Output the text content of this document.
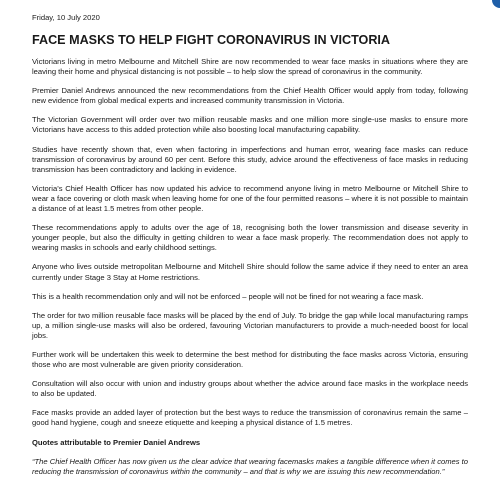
Friday, 10 July 2020

FACE MASKS TO HELP FIGHT CORONAVIRUS IN VICTORIA

Victorians living in metro Melbourne and Mitchell Shire are now recommended to wear face masks in situations where they are leaving their home and physical distancing is not possible – to help slow the spread of coronavirus in the community.

Premier Daniel Andrews announced the new recommendations from the Chief Health Officer would apply from today, following new evidence from global medical experts and increased community transmission in Victoria.

The Victorian Government will order over two million reusable masks and one million more single-use masks to ensure more Victorians have access to this added protection while also boosting local manufacturing capability.

Studies have recently shown that, even when factoring in imperfections and human error, wearing face masks can reduce transmission of coronavirus by around 60 per cent. Before this study, advice around the effectiveness of face masks in reducing transmission has been contradictory and lacking in evidence.

Victoria’s Chief Health Officer has now updated his advice to recommend anyone living in metro Melbourne or Mitchell Shire to wear a face covering or cloth mask when leaving home for one of the four permitted reasons – where it is not possible to maintain a distance of at least 1.5 metres from other people.

These recommendations apply to adults over the age of 18, recognising both the lower transmission and disease severity in younger people, but also the difficulty in getting children to wear a face mask properly. The recommendation does not apply to wearing masks in schools and early childhood settings.

Anyone who lives outside metropolitan Melbourne and Mitchell Shire should follow the same advice if they need to enter an area currently under Stage 3 Stay at Home restrictions.

This is a health recommendation only and will not be enforced – people will not be fined for not wearing a face mask.

The order for two million reusable face masks will be placed by the end of July. To bridge the gap while local manufacturing ramps up, a million single-use masks will also be ordered, favouring Victorian manufacturers to provide a much-needed boost for local jobs.

Further work will be undertaken this week to determine the best method for distributing the face masks across Victoria, ensuring those who are most vulnerable are given priority consideration.

Consultation will also occur with union and industry groups about whether the advice around face masks in the workplace needs to also be updated.

Face masks provide an added layer of protection but the best ways to reduce the transmission of coronavirus remain the same – good hand hygiene, cough and sneeze etiquette and keeping a physical distance of 1.5 metres.

Quotes attributable to Premier Daniel Andrews

“The Chief Health Officer has now given us the clear advice that wearing facemasks makes a tangible difference when it comes to reducing the transmission of coronavirus within the community – and that is why we are issuing this new recommendation.”
